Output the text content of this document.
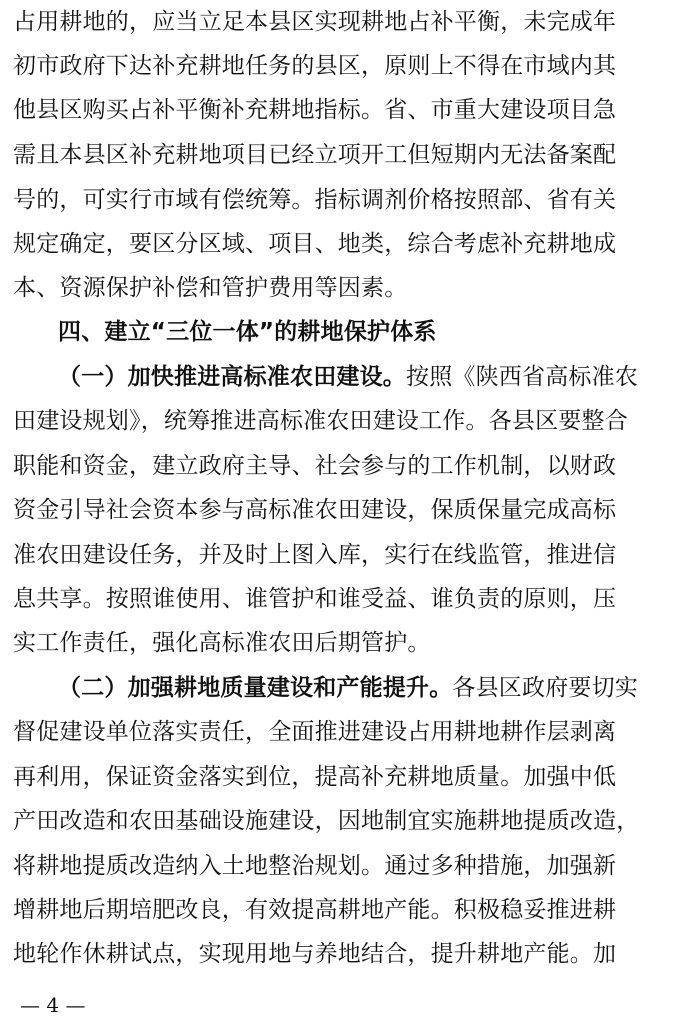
占用耕地的，应当立足本县区实现耕地占补平衡，未完成年
初市政府下达补充耕地任务的县区，原则上不得在市域内其
他县区购买占补平衡补充耕地指标。省、市重大建设项目急
需且本县区补充耕地项目已经立项开工但短期内无法备案配
号的，可实行市域有偿统筹。指标调剂价格按照部、省有关
规定确定，要区分区域、项目、地类，综合考虑补充耕地成
本、资源保护补偿和管护费用等因素。
四、建立“三位一体”的耕地保护体系
（一）加快推进高标准农田建设。按照《陕西省高标准农
田建设规划》，统筹推进高标准农田建设工作。各县区要整合
职能和资金，建立政府主导、社会参与的工作机制，以财政
资金引导社会资本参与高标准农田建设，保质保量完成高标
准农田建设任务，并及时上图入库，实行在线监管，推进信
息共享。按照谁使用、谁管护和谁受益、谁负责的原则，压
实工作责任，强化高标准农田后期管护。
（二）加强耕地质量建设和产能提升。各县区政府要切实
督促建设单位落实责任，全面推进建设占用耕地耕作层剥离
再利用，保证资金落实到位，提高补充耕地质量。加强中低
产田改造和农田基础设施建设，因地制宜实施耕地提质改造，
将耕地提质改造纳入土地整治规划。通过多种措施，加强新
增耕地后期培肥改良，有效提高耕地产能。积极稳妥推进耕
地轮作休耕试点，实现用地与养地结合，提升耕地产能。加
— 4 —
